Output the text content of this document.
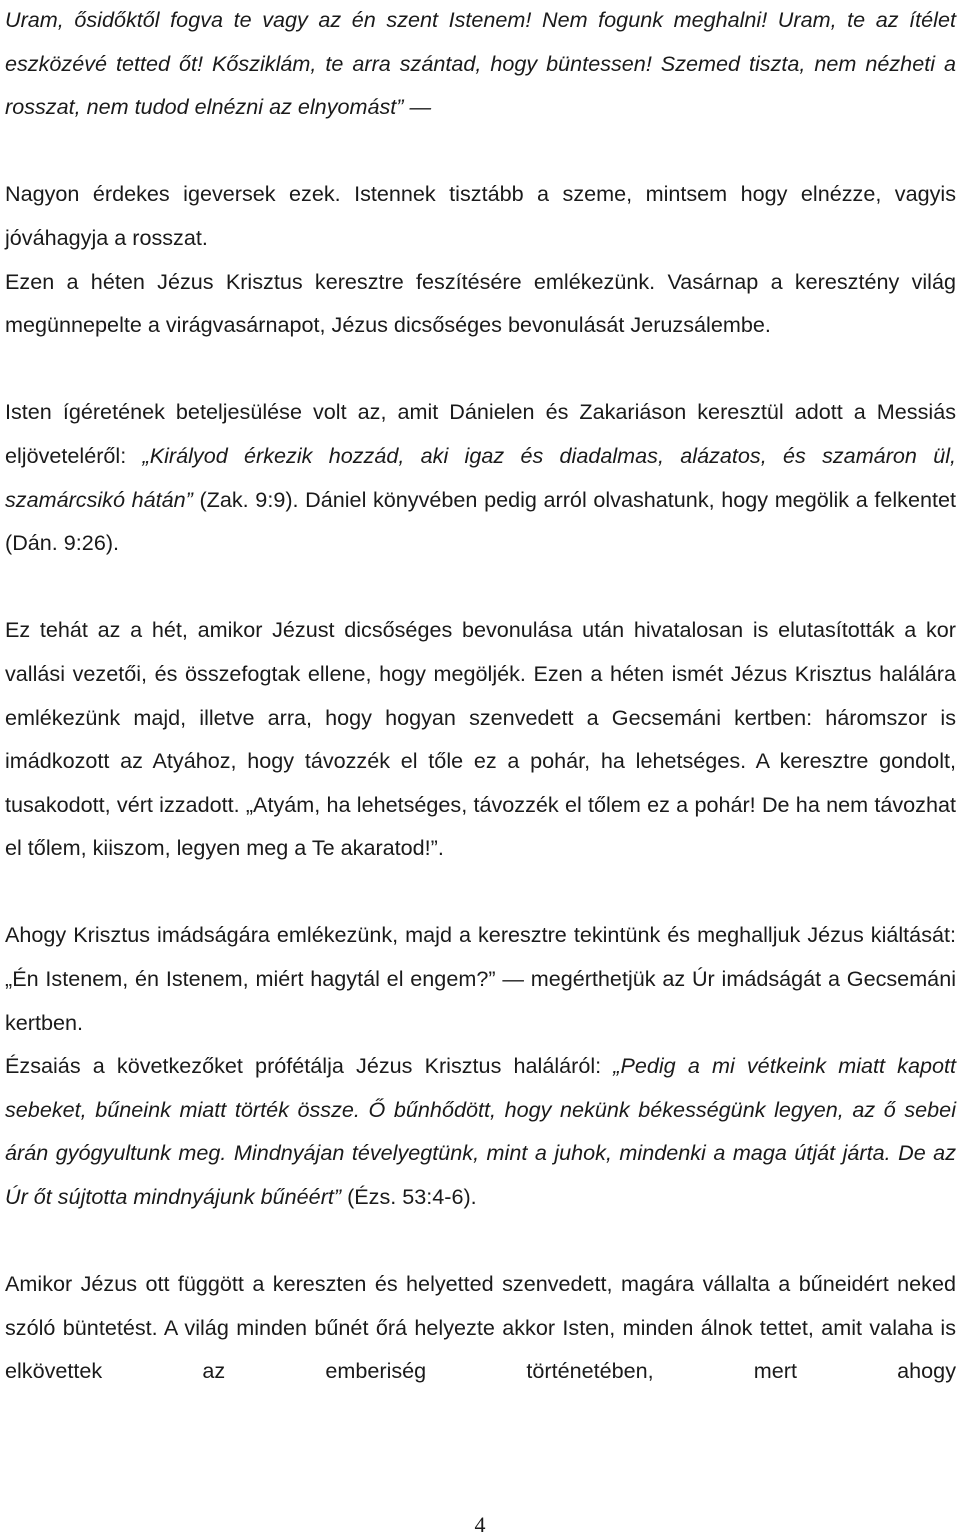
Uram, ősidőktől fogva te vagy az én szent Istenem! Nem fogunk meghalni! Uram, te az ítélet eszközévé tetted őt! Kősziklám, te arra szántad, hogy büntessen! Szemed tiszta, nem nézheti a rosszat, nem tudod elnézni az elnyomást” —

Nagyon érdekes igeversek ezek. Istennek tisztább a szeme, mintsem hogy elnézze, vagyis jóváhagyja a rosszat.

Ezen a héten Jézus Krisztus keresztre feszítésére emlékezünk. Vasárnap a keresztény világ megünnepelte a virágvasárnapot, Jézus dicsőséges bevonulását Jeruzsálembe.

Isten ígéretének beteljesülése volt az, amit Dánielen és Zakariáson keresztül adott a Messiás eljöveteléről: „Királyod érkezik hozzád, aki igaz és diadalmas, alázatos, és szamáron ül, szamárcsikó hátán” (Zak. 9:9). Dániel könyvében pedig arról olvashatunk, hogy megölik a felkentet (Dán. 9:26).

Ez tehát az a hét, amikor Jézust dicsőséges bevonulása után hivatalosan is elutasították a kor vallási vezetői, és összefogtak ellene, hogy megöljék. Ezen a héten ismét Jézus Krisztus halálára emlékezünk majd, illetve arra, hogy hogyan szenvedett a Gecsemáni kertben: háromszor is imádkozott az Atyához, hogy távozzék el tőle ez a pohár, ha lehetséges. A keresztre gondolt, tusakodott, vért izzadott. „Atyám, ha lehetséges, távozzék el tőlem ez a pohár! De ha nem távozhat el tőlem, kiiszom, legyen meg a Te akaratod!”.

Ahogy Krisztus imádságára emlékezünk, majd a keresztre tekintünk és meghalljuk Jézus kiáltását: „Én Istenem, én Istenem, miért hagytál el engem?” — megérthetjük az Úr imádságát a Gecsemáni kertben.

Ézsaiás a következőket prófétálja Jézus Krisztus haláláról: „Pedig a mi vétkeink miatt kapott sebeket, bűneink miatt törték össze. Ő bűnhődött, hogy nekünk békességünk legyen, az ő sebei árán gyógyultunk meg. Mindnyájan tévelyegtünk, mint a juhok, mindenki a maga útját járta. De az Úr őt sújtotta mindnyájunk bűnéért” (Ézs. 53:4-6).

Amikor Jézus ott függött a kereszten és helyetted szenvedett, magára vállalta a bűneidért neked szóló büntetést. A világ minden bűnét őrá helyezte akkor Isten, minden álnok tettet, amit valaha is elkövettek az emberiség történetében, mert ahogy

4
